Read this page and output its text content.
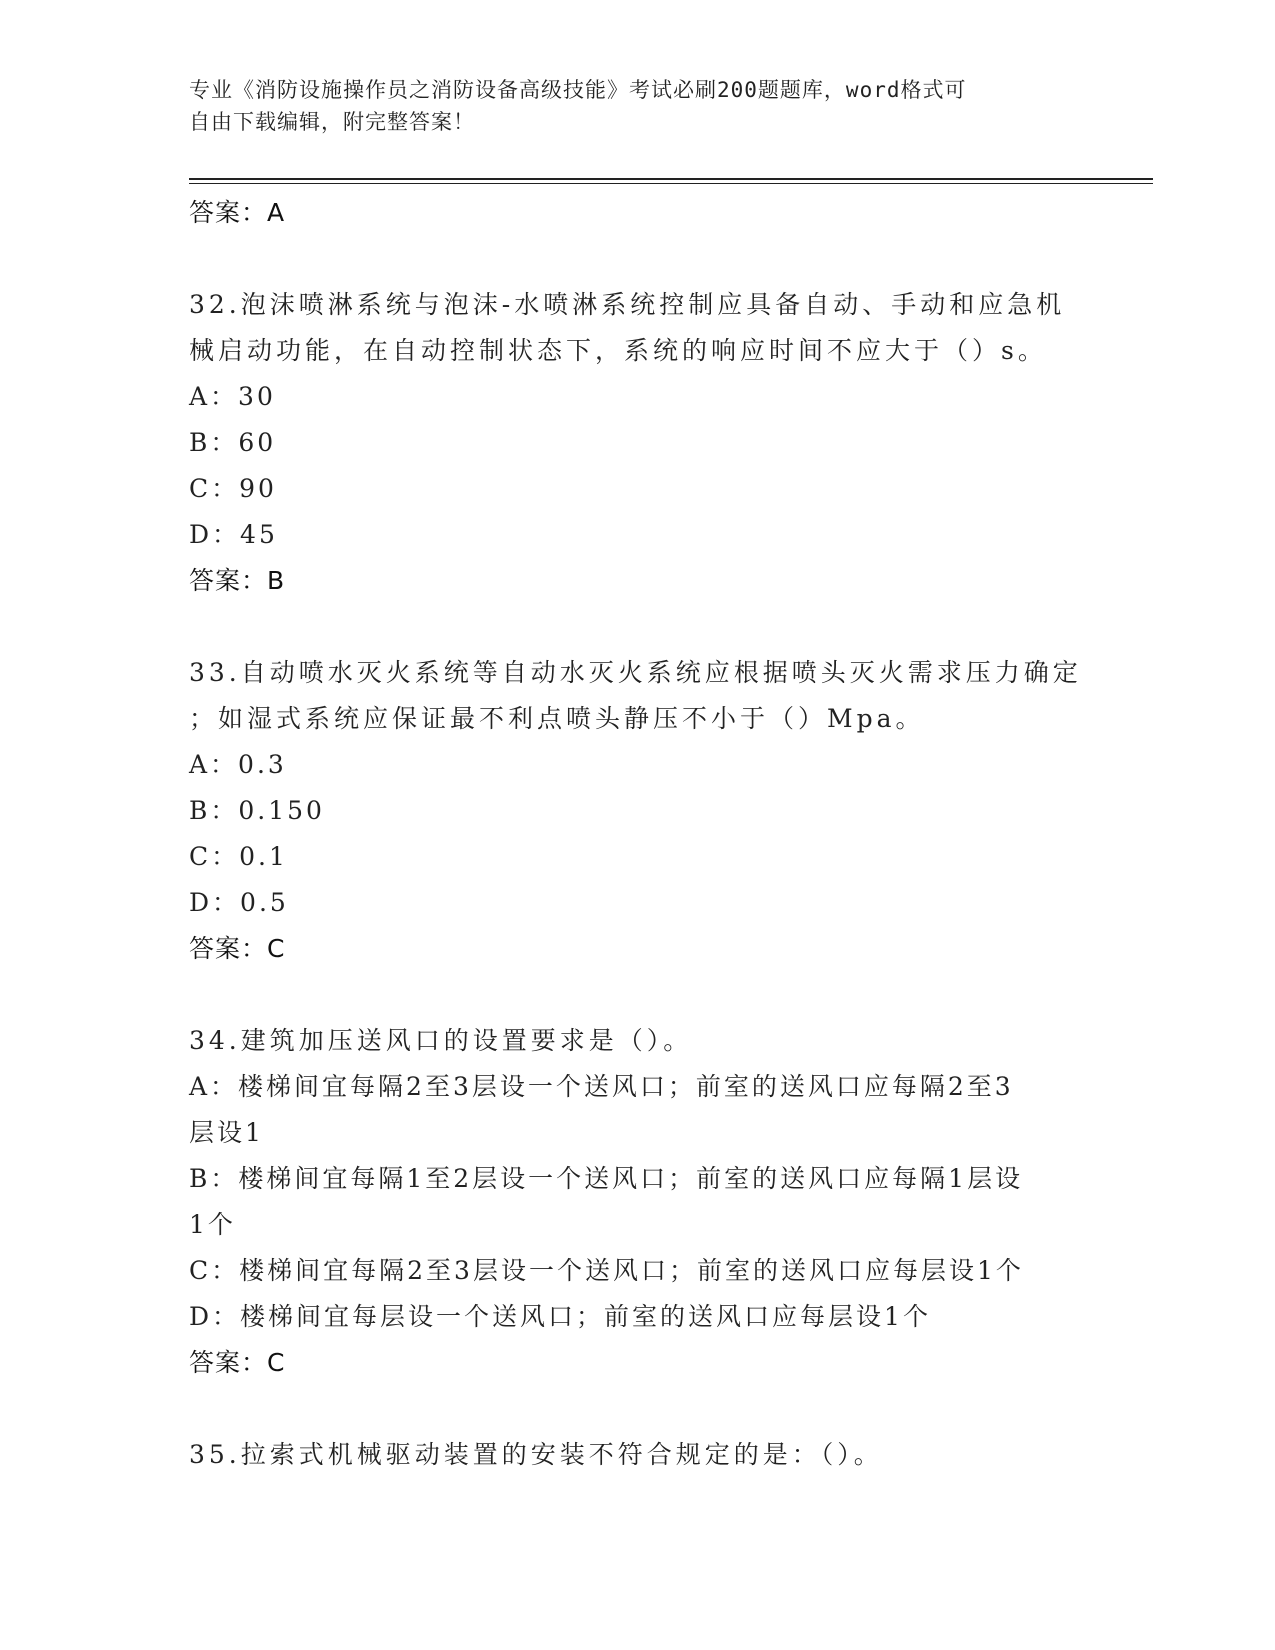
专业《消防设施操作员之消防设备高级技能》考试必刷200题题库，word格式可
自由下载编辑，附完整答案！
答案：A
32.泡沫喷淋系统与泡沫-水喷淋系统控制应具备自动、手动和应急机
械启动功能，在自动控制状态下，系统的响应时间不应大于（）s。
A：30
B：60
C：90
D：45
答案：B
33.自动喷水灭火系统等自动水灭火系统应根据喷头灭火需求压力确定
；如湿式系统应保证最不利点喷头静压不小于（）Mpa。
A：0.3
B：0.150
C：0.1
D：0.5
答案：C
34.建筑加压送风口的设置要求是（）。
A：楼梯间宜每隔2至3层设一个送风口；前室的送风口应每隔2至3
层设1
B：楼梯间宜每隔1至2层设一个送风口；前室的送风口应每隔1层设
1个
C：楼梯间宜每隔2至3层设一个送风口；前室的送风口应每层设1个
D：楼梯间宜每层设一个送风口；前室的送风口应每层设1个
答案：C
35.拉索式机械驱动装置的安装不符合规定的是：（）。
